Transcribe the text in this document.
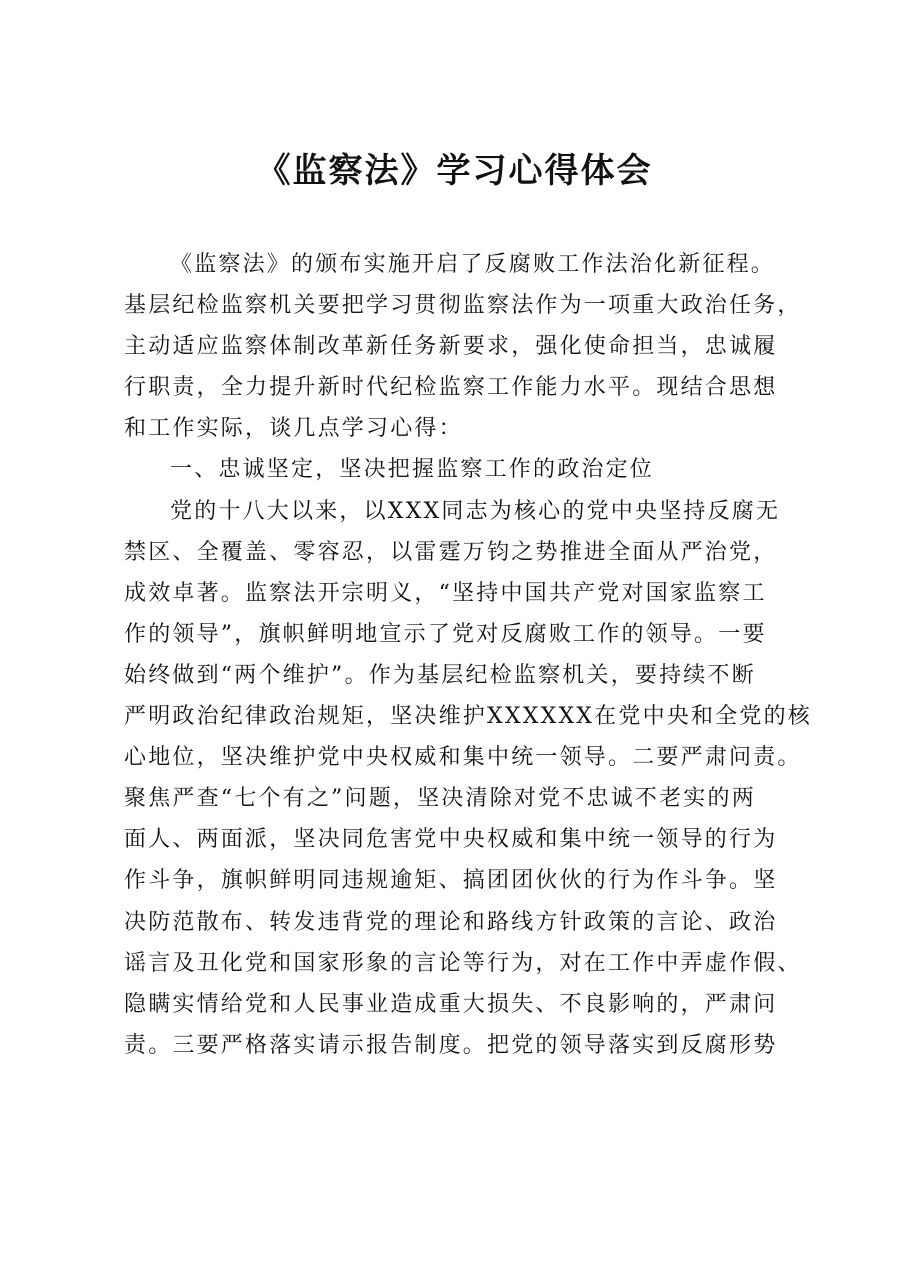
《监察法》学习心得体会
《监察法》的颁布实施开启了反腐败工作法治化新征程。
基层纪检监察机关要把学习贯彻监察法作为一项重大政治任务，
主动适应监察体制改革新任务新要求，强化使命担当，忠诚履
行职责，全力提升新时代纪检监察工作能力水平。现结合思想
和工作实际，谈几点学习心得：
一、忠诚坚定，坚决把握监察工作的政治定位
党的十八大以来，以XXX同志为核心的党中央坚持反腐无
禁区、全覆盖、零容忍，以雷霆万钧之势推进全面从严治党，
成效卓著。监察法开宗明义，“坚持中国共产党对国家监察工
作的领导”，旗帜鲜明地宣示了党对反腐败工作的领导。一要
始终做到“两个维护”。作为基层纪检监察机关，要持续不断
严明政治纪律政治规矩，坚决维护XXXXXX在党中央和全党的核
心地位，坚决维护党中央权威和集中统一领导。二要严肃问责。
聚焦严查“七个有之”问题，坚决清除对党不忠诚不老实的两
面人、两面派，坚决同危害党中央权威和集中统一领导的行为
作斗争，旗帜鲜明同违规逾矩、搞团团伙伙的行为作斗争。坚
决防范散布、转发违背党的理论和路线方针政策的言论、政治
谣言及丑化党和国家形象的言论等行为，对在工作中弄虚作假、
隐瞒实情给党和人民事业造成重大损失、不良影响的，严肃问
责。三要严格落实请示报告制度。把党的领导落实到反腐形势
